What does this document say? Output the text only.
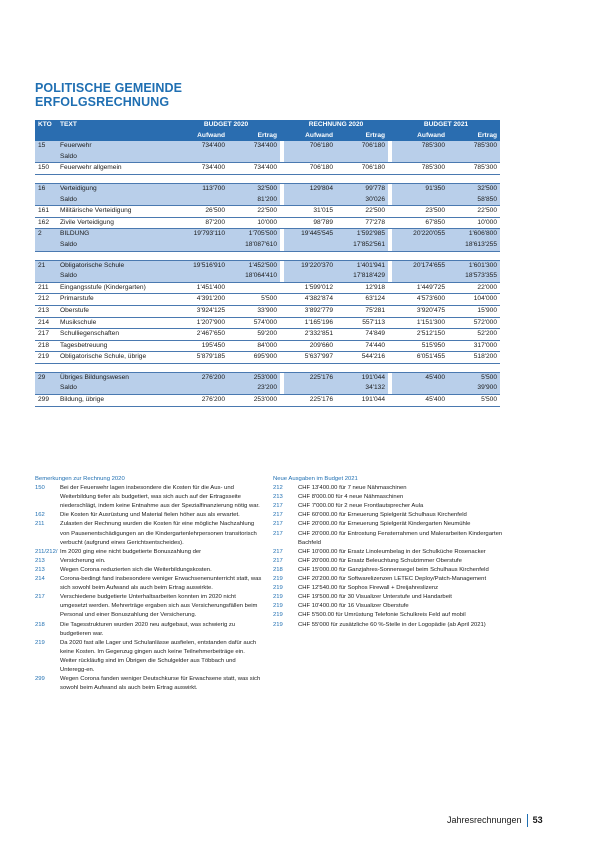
POLITISCHE GEMEINDE
ERFOLGSRECHNUNG
KTO	TEXT	BUDGET 2020			RECHNUNG 2020			BUDGET 2021	
		Aufwand	Ertrag		Aufwand	Ertrag		Aufwand	Ertrag
15	Feuerwehr	734'400	734'400		706'180	706'180		785'300	785'300
	Saldo								
150	Feuerwehr allgemein	734'400	734'400		706'180	706'180		785'300	785'300

16	Verteidigung	113'700	32'500		129'804	99'778		91'350	32'500
	Saldo		81'200			30'026			58'850
161	Militärische Verteidigung	26'500	22'500		31'015	22'500		23'500	22'500
162	Zivile Verteidigung	87'200	10'000		98'789	77'278		67'850	10'000
2	BILDUNG	19'793'110	1'705'500		19'445'545	1'592'985		20'220'055	1'606'800
	Saldo		18'087'610			17'852'561			18'613'255

21	Obligatorische Schule	19'516'910	1'452'500		19'220'370	1'401'941		20'174'655	1'601'300
	Saldo		18'064'410			17'818'429			18'573'355
211	Eingangsstufe (Kindergarten)	1'451'400			1'599'012	12'918		1'449'725	22'000
212	Primarstufe	4'391'200	5'500		4'382'874	63'124		4'573'600	104'000
213	Oberstufe	3'924'125	33'900		3'892'779	75'281		3'920'475	15'900
214	Musikschule	1'207'900	574'000		1'165'196	557'113		1'151'300	572'000
217	Schulliegenschaften	2'467'650	59'200		2'332'851	74'849		2'512'150	52'200
218	Tagesbetreuung	195'450	84'000		209'660	74'440		515'950	317'000
219	Obligatorische Schule, übrige	5'879'185	695'900		5'637'997	544'216		6'051'455	518'200

29	Übriges Bildungswesen	276'200	253'000		225'176	191'044		45'400	5'500
	Saldo		23'200			34'132			39'900
299	Bildung, übrige	276'200	253'000		225'176	191'044		45'400	5'500
Bemerkungen zur Rechnung 2020
150	Bei der Feuerwehr lagen insbesondere die Kosten für die Aus- und Weiterbildung tiefer als budgetiert, was sich auch auf der Ertragsseite niederschlägt, indem keine Entnahme aus der Spezialfinanzierung nötig war.
162	Die Kosten für Ausrüstung und Material fielen höher aus als erwartet.
211	Zulasten der Rechnung wurden die Kosten für eine mögliche Nachzahlung von Pausenentschädigungen an die Kindergartenlehrpersonen transitorisch verbucht (aufgrund eines Gerichtsentscheides).
211/212/ Im 2020 ging eine nicht budgetierte Bonuszahlung der
213	Versicherung ein.
213	Wegen Corona reduzierten sich die Weiterbildungskosten.
214	Corona-bedingt fand insbesondere weniger Erwachsenenunterricht statt, was sich sowohl beim Aufwand als auch beim Ertrag auswirkte.
217	Verschiedene budgetierte Unterhaltsarbeiten konnten im 2020 nicht umgesetzt werden. Mehrerträge ergaben sich aus Versicherungsfällen beim Personal und einer Bonuszahlung der Versicherung.
218	Die Tagesstrukturen wurden 2020 neu aufgebaut, was schwierig zu budgetieren war.
219	Da 2020 fast alle Lager und Schulanlässe ausfielen, entstanden dafür auch keine Kosten. Im Gegenzug gingen auch keine Teilnehmerbeiträge ein. Weiter rückläufig sind im Übrigen die Schulgelder aus Többach und Unteregg-en.
299	Wegen Corona fanden weniger Deutschkurse für Erwachsene statt, was sich sowohl beim Aufwand als auch beim Ertrag auswirkt.
Neue Ausgaben im Budget 2021
212	CHF 13'400.00 für 7 neue Nähmaschinen
213	CHF 8'000.00 für 4 neue Nähmaschinen
217	CHF 7'000.00 für 2 neue Frontlautsprecher Aula
217	CHF 60'000.00 für Erneuerung Spielgerät Schulhaus Kirchenfeld
217	CHF 20'000.00 für Erneuerung Spielgerät Kindergarten Neumühle
217	CHF 20'000.00 für Entrostung Fensterrahmen und Malerarbeiten Kindergarten Bachfeld
217	CHF 10'000.00 für Ersatz Linoleumbelag in der Schulküche Rosenacker
217	CHF 20'000.00 für Ersatz Beleuchtung Schulzimmer Oberstufe
218	CHF 15'000.00 für Ganzjahres-Sonnensegel beim Schulhaus Kirchenfeld
219	CHF 20'200.00 für Softwarelizenzen LETEC Deploy/Patch-Management
219	CHF 12'540.00 für Sophos Firewall + Dreijahreslizenz
219	CHF 19'500.00 für 30 Visualizer Unterstufe und Handarbeit
219	CHF 10'400.00 für 16 Visualizer Oberstufe
219	CHF 5'500.00 für Umrüstung Telefonie Schulkreis Feld auf mobil
219	CHF 55'000 für zusätzliche 60 %-Stelle in der Logopädie (ab April 2021)
Jahresrechnungen 53
